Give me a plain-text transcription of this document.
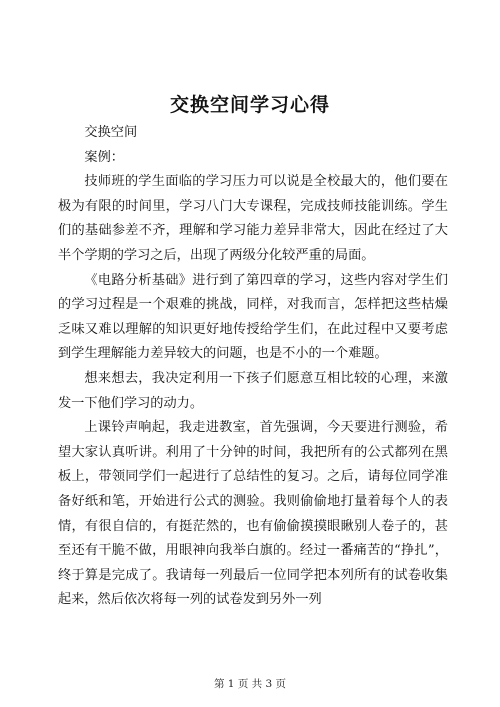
交换空间学习心得

交换空间

案例：

技师班的学生面临的学习压力可以说是全校最大的，他们要在极为有限的时间里，学习八门大专课程，完成技师技能训练。学生们的基础参差不齐，理解和学习能力差异非常大，因此在经过了大半个学期的学习之后，出现了两级分化较严重的局面。

《电路分析基础》进行到了第四章的学习，这些内容对学生们的学习过程是一个艰难的挑战，同样，对我而言，怎样把这些枯燥乏味又难以理解的知识更好地传授给学生们，在此过程中又要考虑到学生理解能力差异较大的问题，也是不小的一个难题。

想来想去，我决定利用一下孩子们愿意互相比较的心理，来激发一下他们学习的动力。

上课铃声响起，我走进教室，首先强调，今天要进行测验，希望大家认真听讲。利用了十分钟的时间，我把所有的公式都列在黑板上，带领同学们一起进行了总结性的复习。之后，请每位同学准备好纸和笔，开始进行公式的测验。我则偷偷地打量着每个人的表情，有很自信的，有挺茫然的，也有偷偷摸摸眼瞅别人卷子的，甚至还有干脆不做，用眼神向我举白旗的。经过一番痛苦的“挣扎”，终于算是完成了。我请每一列最后一位同学把本列所有的试卷收集起来，然后依次将每一列的试卷发到另外一列

第 1 页 共 3 页
